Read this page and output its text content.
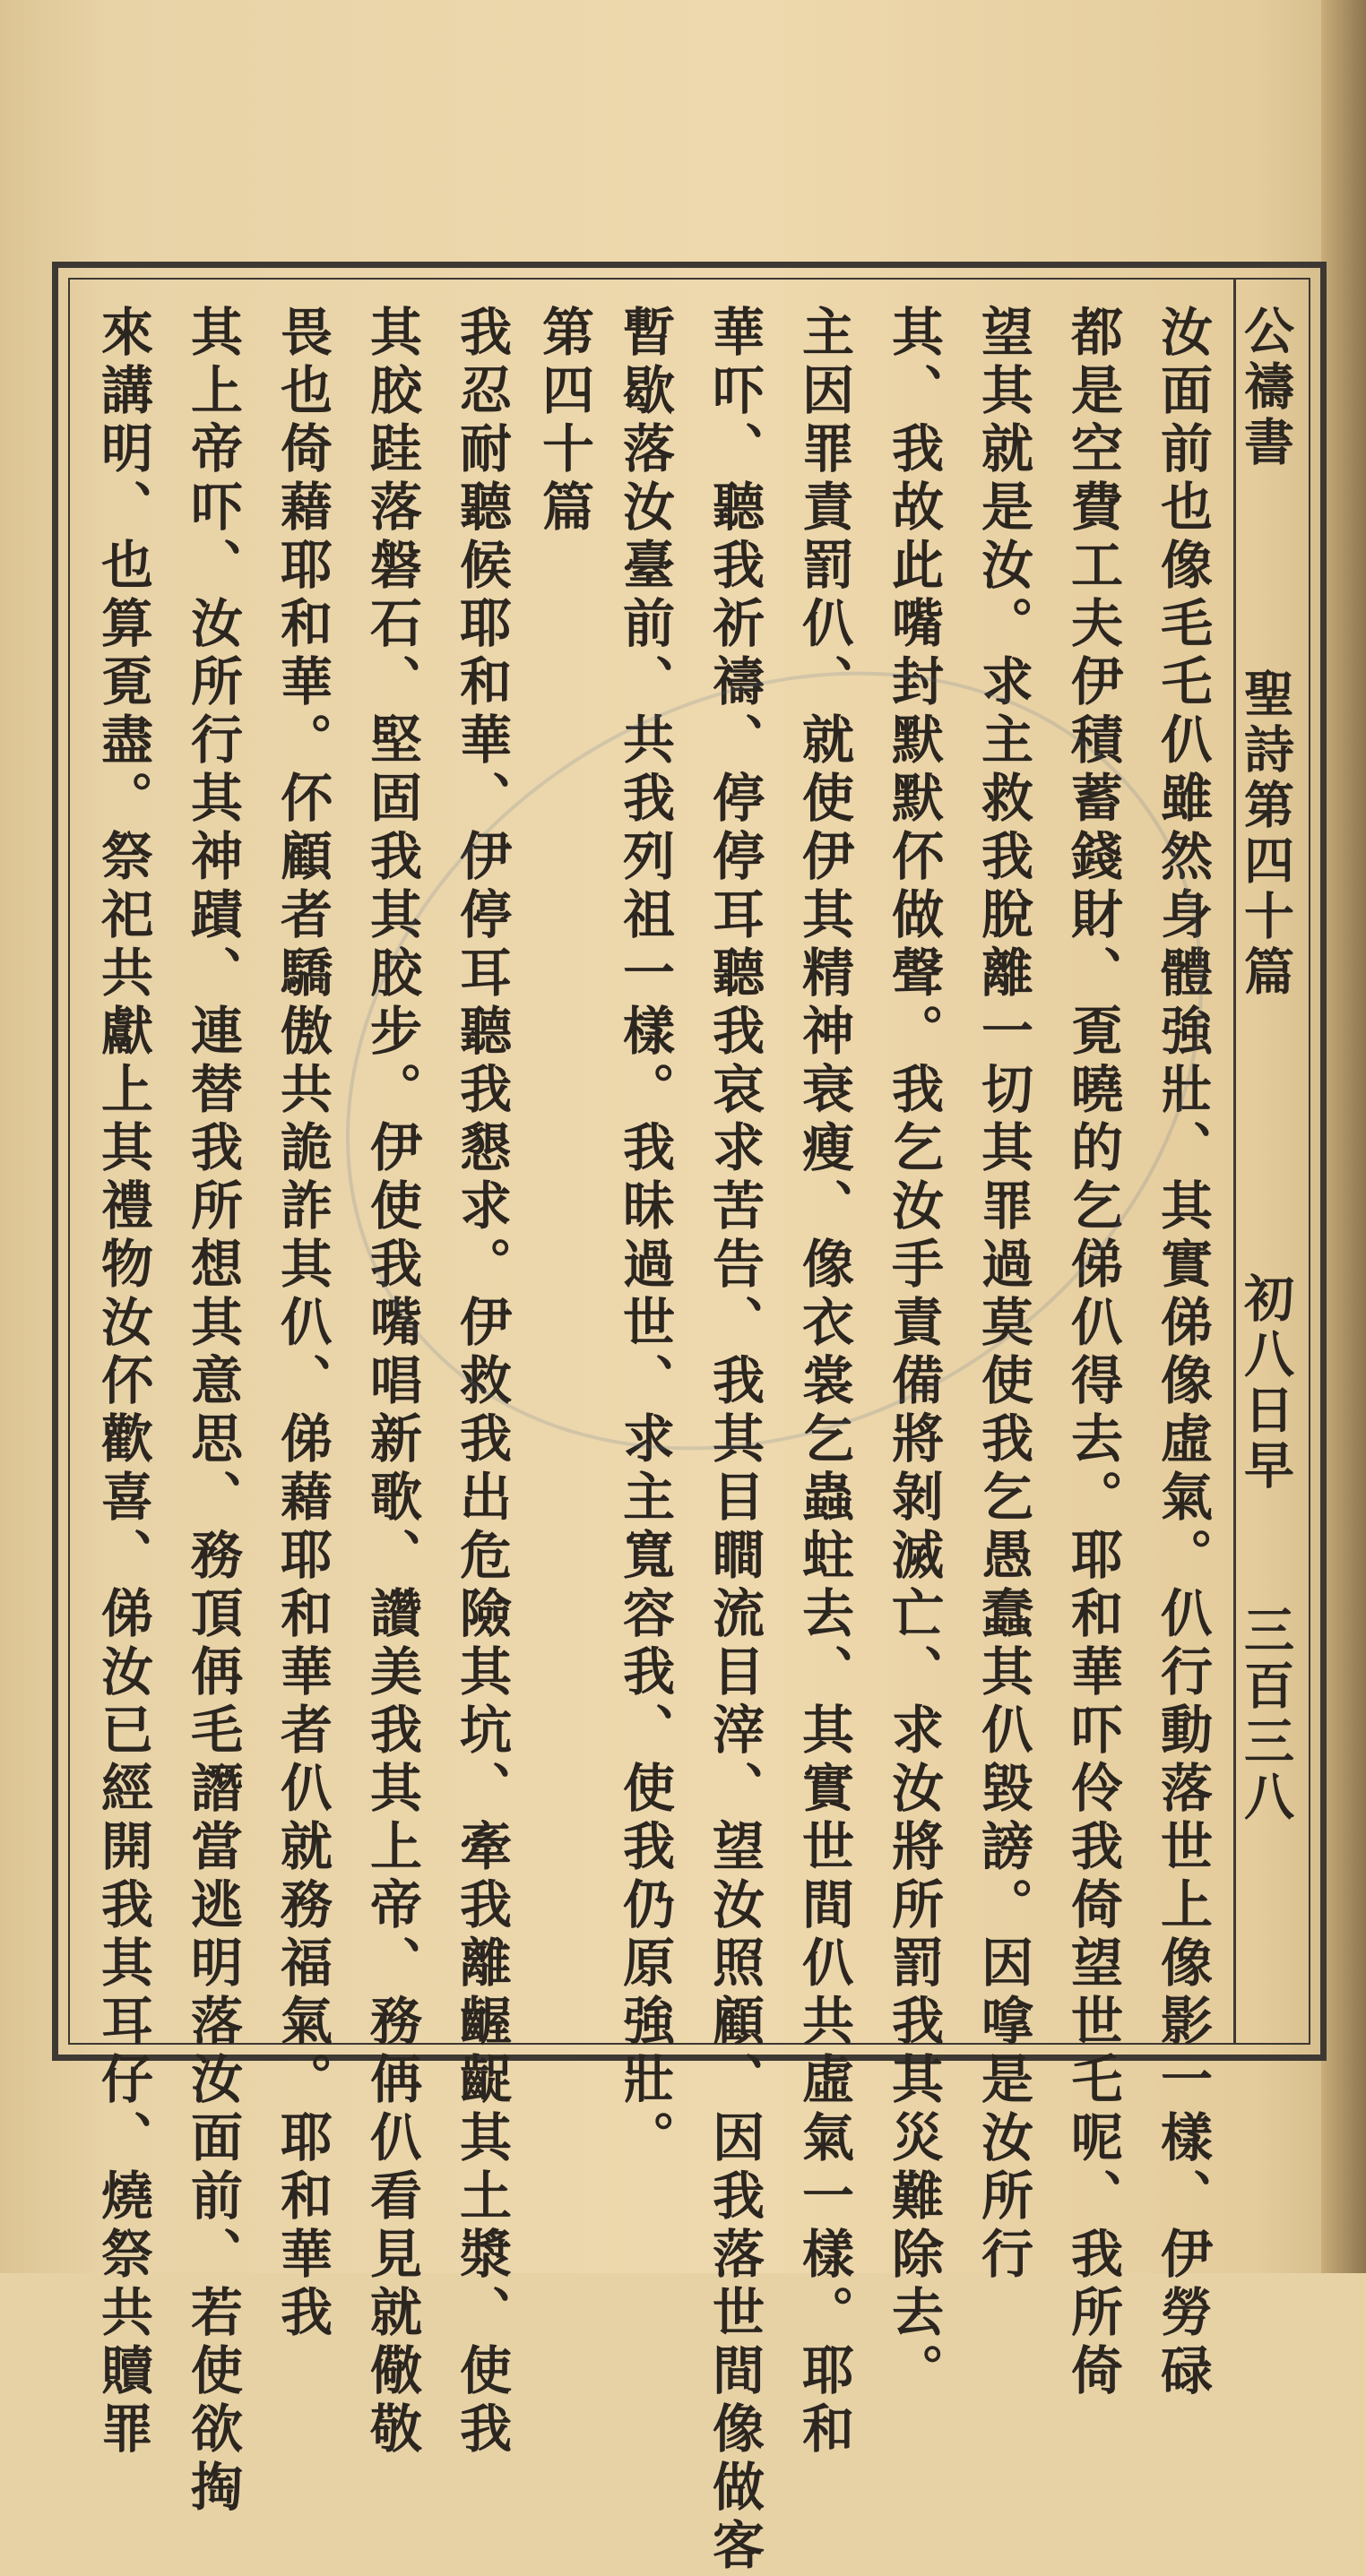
公禱書
聖詩第四十篇
初八日早
三百三八
汝面前也像毛乇仈雖然身體強壯、其實俤像虛氣。仈行動落世上像影一樣、伊勞碌
都是空費工夫伊積蓄錢財、覔曉的乞俤仈得去。耶和華吓伶我倚望世乇呢、我所倚
望其就是汝。求主救我脫離一切其罪過莫使我乞愚蠢其仈毀謗。因嗱是汝所行
其、我故此嘴封默默伓做聲。我乞汝手責備將剝滅亡、求汝將所罰我其災難除去。
主因罪責罰仈、就使伊其精神衰瘦、像衣裳乞蟲蛀去、其實世間仈共虛氣一樣。耶和
華吓、聽我祈禱、停停耳聽我哀求苦告、我其目瞷流目滓、望汝照顧、因我落世間像做客
暫歇落汝臺前、共我列祖一樣。我昧過世、求主寬容我、使我仍原強壯。
第四十篇
我忍耐聽候耶和華、伊停耳聽我懇求。伊救我出危險其坑、牽我離齷齪其土漿、使我
其胶跬落磐石、堅固我其胶步。伊使我嘴唱新歌、讚美我其上帝、務侢仈看見就儆敬
畏也倚藉耶和華。伓顧者驕傲共詭詐其仈、俤藉耶和華者仈就務福氣。耶和華我
其上帝吓、汝所行其神蹟、連替我所想其意思、務頂侢毛譖當逃明落汝面前、若使欲掏
來講明、也算覔盡。祭祀共獻上其禮物汝伓歡喜、俤汝已經開我其耳仔、燒祭共贖罪
